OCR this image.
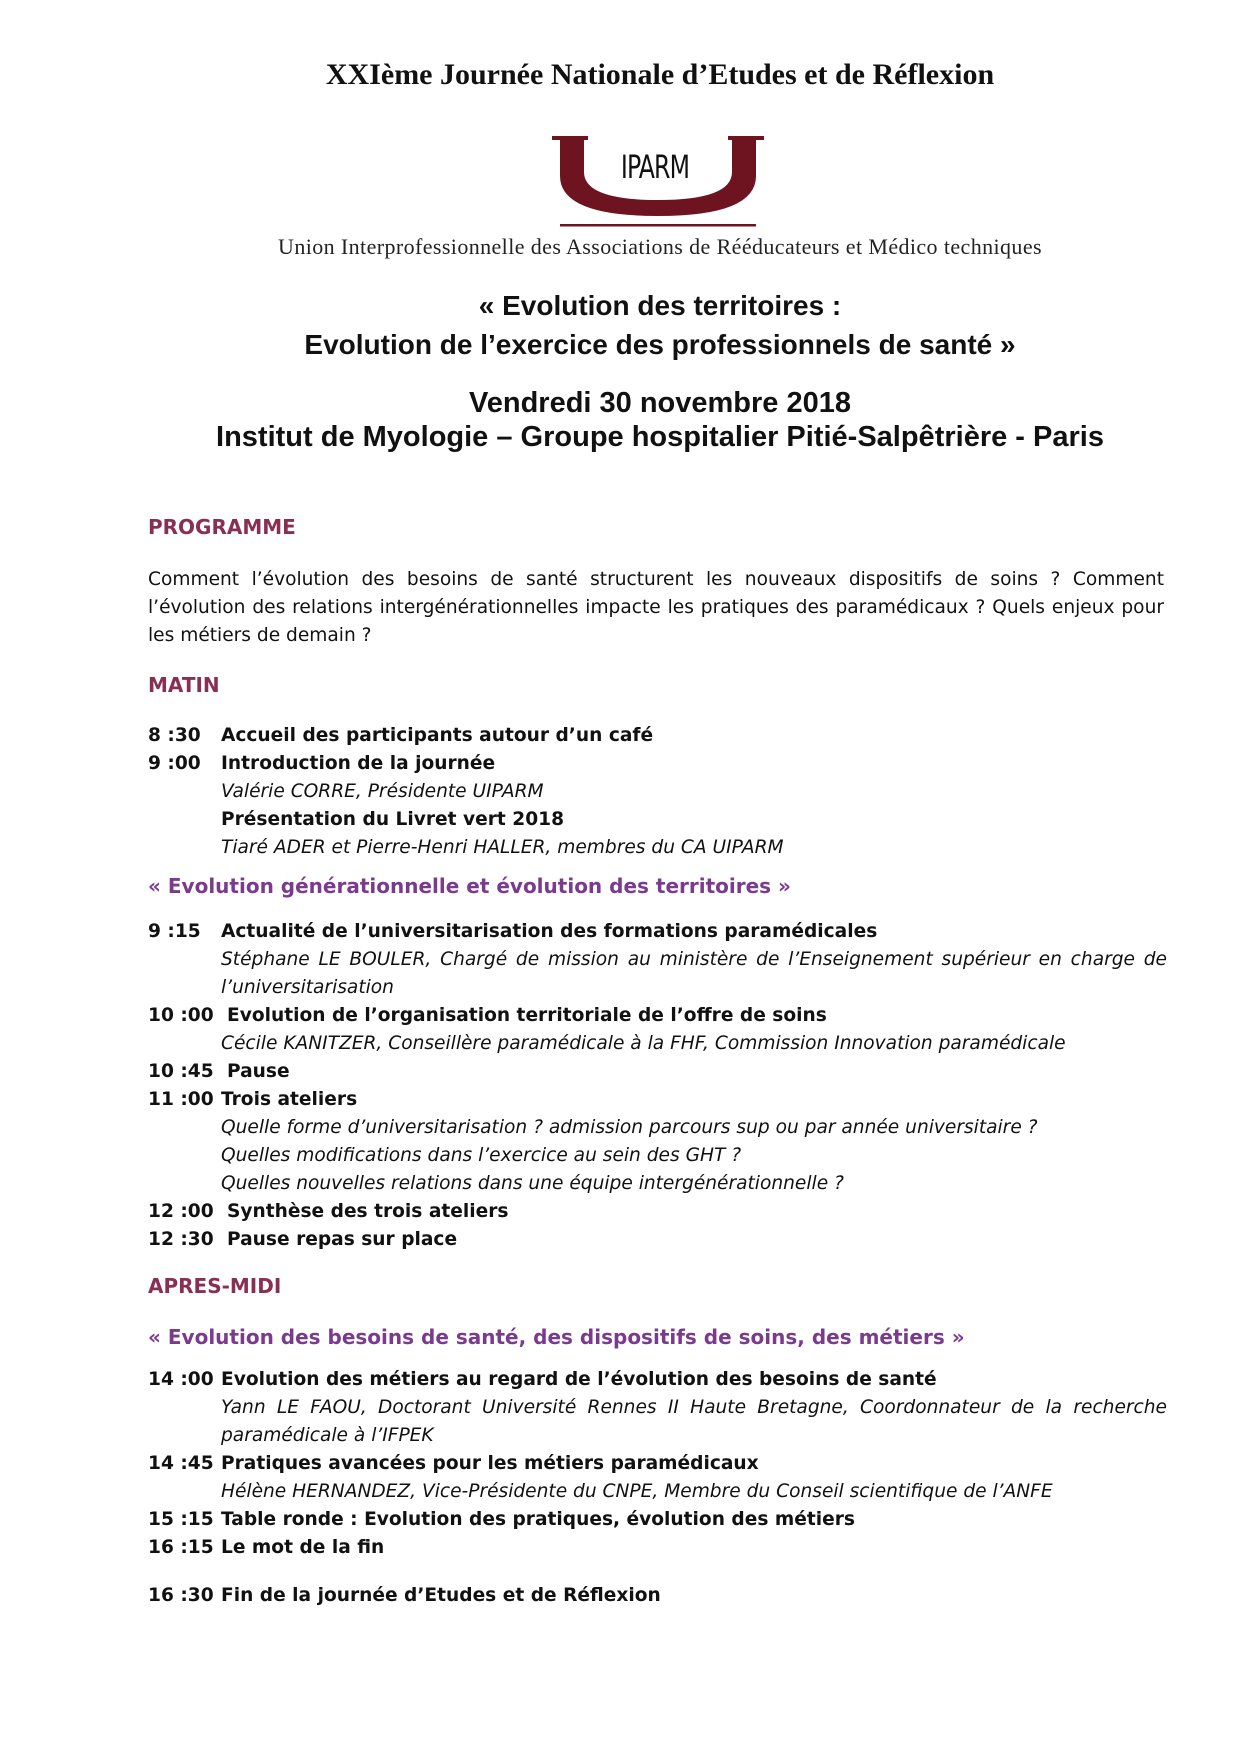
XXIème Journée Nationale d’Etudes et de Réflexion
IPARM
Union Interprofessionnelle des Associations de Rééducateurs et Médico techniques
« Evolution des territoires :
Evolution de l’exercice des professionnels de santé »
Vendredi 30 novembre 2018
Institut de Myologie – Groupe hospitalier Pitié-Salpêtrière - Paris
PROGRAMME
Comment l’évolution des besoins de santé structurent les nouveaux dispositifs de soins ? Comment l’évolution des relations intergénérationnelles impacte les pratiques des paramédicaux ? Quels enjeux pour les métiers de demain ?
MATIN
8 :30 Accueil des participants autour d’un café
9 :00 Introduction de la journée
Valérie CORRE, Présidente UIPARM
Présentation du Livret vert 2018
Tiaré ADER et Pierre-Henri HALLER, membres du CA UIPARM
« Evolution générationnelle et évolution des territoires »
9 :15 Actualité de l’universitarisation des formations paramédicales
Stéphane LE BOULER, Chargé de mission au ministère de l’Enseignement supérieur en charge de l’universitarisation
10 :00 Evolution de l’organisation territoriale de l’offre de soins
Cécile KANITZER, Conseillère paramédicale à la FHF, Commission Innovation paramédicale
10 :45 Pause
11 :00 Trois ateliers
Quelle forme d’universitarisation ? admission parcours sup ou par année universitaire ?
Quelles modifications dans l’exercice au sein des GHT ?
Quelles nouvelles relations dans une équipe intergénérationnelle ?
12 :00 Synthèse des trois ateliers
12 :30 Pause repas sur place
APRES-MIDI
« Evolution des besoins de santé, des dispositifs de soins, des métiers »
14 :00 Evolution des métiers au regard de l’évolution des besoins de santé
Yann LE FAOU, Doctorant Université Rennes II Haute Bretagne, Coordonnateur de la recherche paramédicale à l’IFPEK
14 :45 Pratiques avancées pour les métiers paramédicaux
Hélène HERNANDEZ, Vice-Présidente du CNPE, Membre du Conseil scientifique de l’ANFE
15 :15 Table ronde : Evolution des pratiques, évolution des métiers
16 :15 Le mot de la fin
16 :30 Fin de la journée d’Etudes et de Réflexion
